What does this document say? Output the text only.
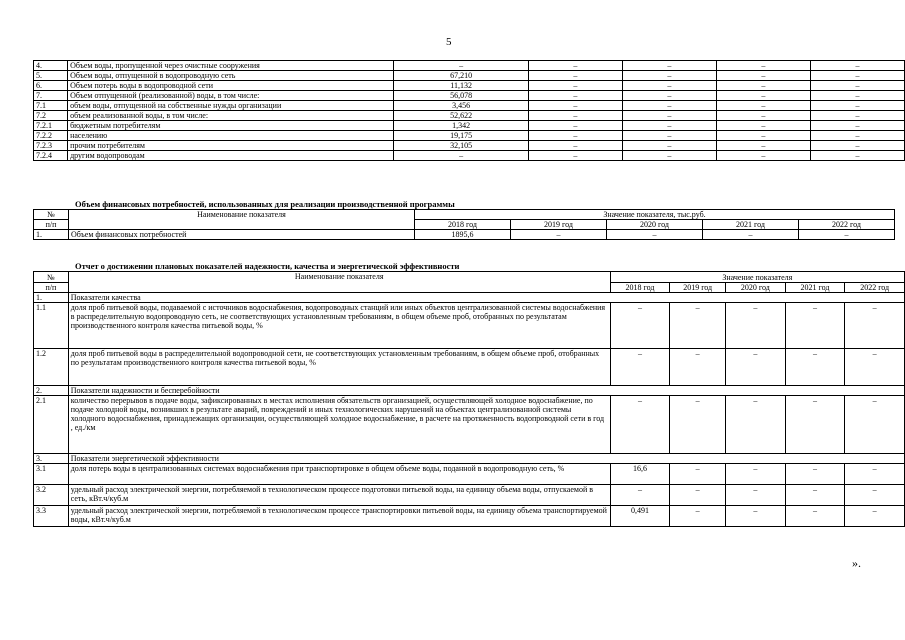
5
4.	Объем воды, пропущенной через очистные сооружения	–	–	–	–	–
5.	Объем воды, отпущенной в водопроводную сеть	67,210	–	–	–	–
6.	Объем потерь воды в водопроводной сети	11,132	–	–	–	–
7.	Объем отпущенной (реализованной) воды, в том числе:	56,078	–	–	–	–
7.1	объем воды, отпущенной на собственные нужды организации	3,456	–	–	–	–
7.2	объем реализованной воды, в том числе:	52,622	–	–	–	–
7.2.1	бюджетным потребителям	1,342	–	–	–	–
7.2.2	населению	19,175	–	–	–	–
7.2.3	прочим потребителям	32,105	–	–	–	–
7.2.4	другим водопроводам	–	–	–	–	–
Объем финансовых потребностей, использованных для реализации производственной программы
№	Наименование показателя	Значение показателя, тыс.руб.				
п/п		2018 год	2019 год	2020 год	2021 год	2022 год
1.	Объем финансовых потребностей	1895,6	–	–	–	–
Отчет о достижении плановых показателей надежности, качества и энергетической эффективности
№	Наименование показателя	Значение показателя				
п/п		2018 год	2019 год	2020 год	2021 год	2022 год
1.	Показатели качества					
1.1	доля проб питьевой воды, подаваемой с источников водоснабжения, водопроводных станций или иных объектов централизованной системы водоснабжения в распределительную водопроводную сеть, не соответствующих установленным требованиям, в общем объеме проб, отобранных по результатам производственного контроля качества питьевой воды, %	–	–	–	–	–
1.2	доля проб питьевой воды в распределительной водопроводной сети, не соответствующих установленным требованиям, в общем объеме проб, отобранных по результатам производственного контроля качества питьевой воды, %	–	–	–	–	–
2.	Показатели надежности и бесперебойности					
2.1	количество перерывов в подаче воды, зафиксированных в местах исполнения обязательств организацией, осуществляющей холодное водоснабжение, по подаче холодной воды, возникших в результате аварий, повреждений и иных технологических нарушений на объектах централизованной системы холодного водоснабжения, принадлежащих организации, осуществляющей холодное водоснабжение, в расчете на протяженность водопроводной сети в год , ед./км	–	–	–	–	–
3.	Показатели энергетической эффективности					
3.1	доля потерь воды в централизованных системах водоснабжения при транспортировке в общем объеме воды, поданной в водопроводную сеть, %	16,6	–	–	–	–
3.2	удельный расход электрической энергии, потребляемой в технологическом процессе подготовки питьевой воды, на единицу объема воды, отпускаемой в сеть, кВт.ч/куб.м	–	–	–	–	–
3.3	удельный расход электрической энергии, потребляемой в технологическом процессе транспортировки питьевой воды, на единицу объема транспортируемой воды, кВт.ч/куб.м	0,491	–	–	–	–
».
